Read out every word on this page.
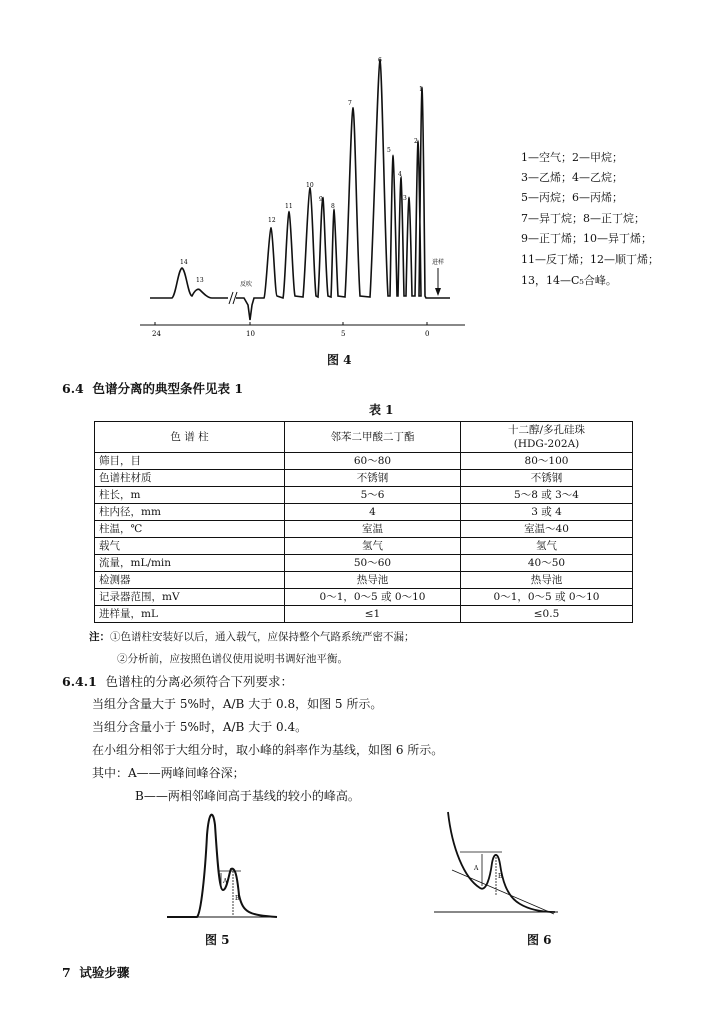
24	10	5	0
1
2
3
4
5
6
7
8
9
10
11
12
13
14
反吹
进样
1—空气；2—甲烷；
3—乙烯；4—乙烷；
5—丙烷；6—丙烯；
7—异丁烷；8—正丁烷；
9—正丁烯；10—异丁烯；
11—反丁烯；12—顺丁烯；
13，14—C₅合峰。
图 4
6.4 色谱分离的典型条件见表 1
表 1
色 谱 柱	邻苯二甲酸二丁酯	十二醇/多孔硅珠
(HDG-202A)

筛目，目	60～80	80～100
色谱柱材质	不锈钢	不锈钢
柱长，m	5～6	5～8 或 3～4
柱内径，mm	4	3 或 4
柱温，℃	室温	室温～40
载气	氢气	氢气
流量，mL/min	50～60	40～50
检测器	热导池	热导池
记录器范围，mV	0～1，0～5 或 0～10	0～1，0～5 或 0～10
进样量，mL	≤1	≤0.5
注：①色谱柱安装好以后，通入载气，应保持整个气路系统严密不漏；
②分析前，应按照色谱仪使用说明书调好池平衡。
6.4.1 色谱柱的分离必须符合下列要求：
当组分含量大于 5%时，A/B 大于 0.8，如图 5 所示。
当组分含量小于 5%时，A/B 大于 0.4。
在小组分相邻于大组分时，取小峰的斜率作为基线，如图 6 所示。
其中：A——两峰间峰谷深；
B——两相邻峰间高于基线的较小的峰高。
A
B
图 5
A
B
图 6
7 试验步骤
